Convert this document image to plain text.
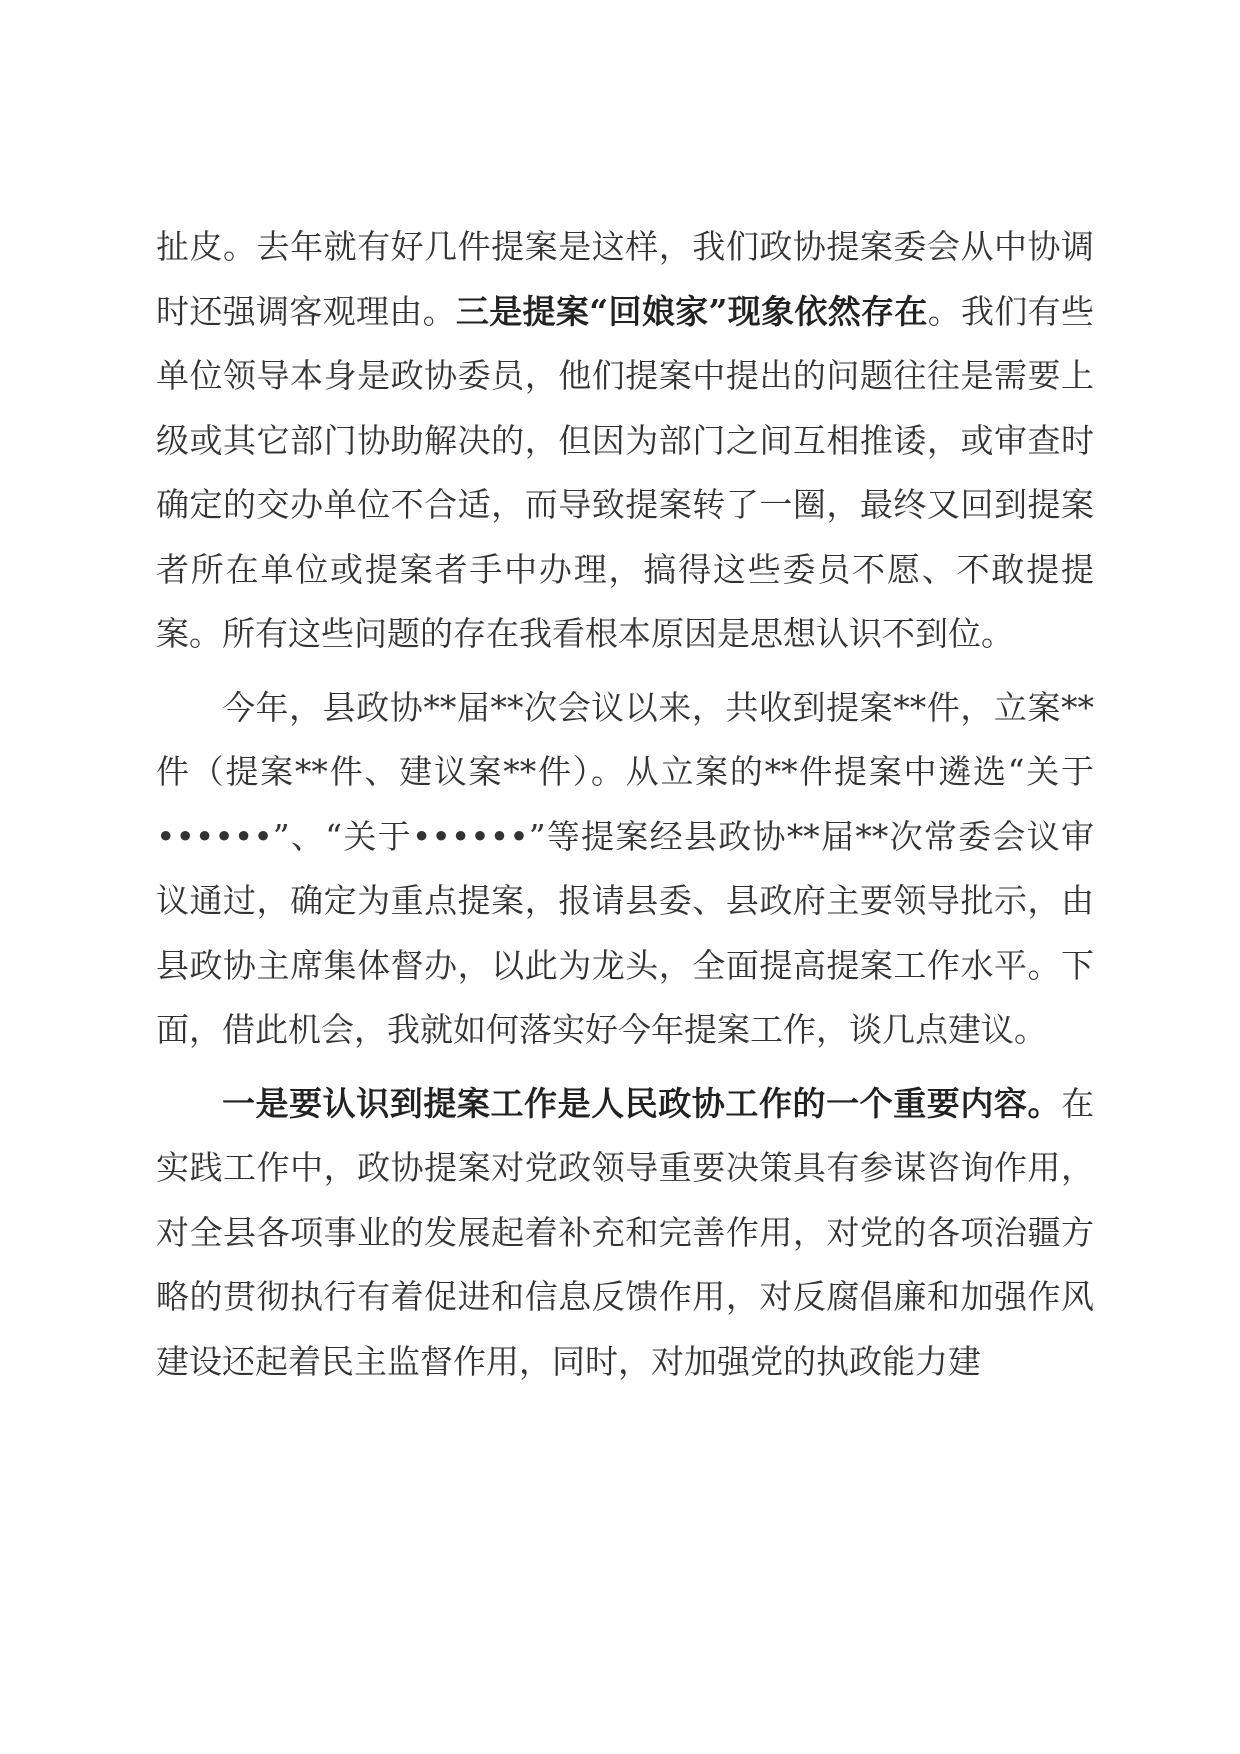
扯皮。去年就有好几件提案是这样，我们政协提案委会从中协调时还强调客观理由。三是提案“回娘家”现象依然存在。我们有些单位领导本身是政协委员，他们提案中提出的问题往往是需要上级或其它部门协助解决的，但因为部门之间互相推诿，或审查时确定的交办单位不合适，而导致提案转了一圈，最终又回到提案者所在单位或提案者手中办理，搞得这些委员不愿、不敢提提案。所有这些问题的存在我看根本原因是思想认识不到位。

今年，县政协**届**次会议以来，共收到提案**件，立案**件（提案**件、建议案**件）。从立案的**件提案中遴选“关于••••••”、“关于••••••”等提案经县政协**届**次常委会议审议通过，确定为重点提案，报请县委、县政府主要领导批示，由县政协主席集体督办，以此为龙头，全面提高提案工作水平。下面，借此机会，我就如何落实好今年提案工作，谈几点建议。

一是要认识到提案工作是人民政协工作的一个重要内容。在实践工作中，政协提案对党政领导重要决策具有参谋咨询作用，对全县各项事业的发展起着补充和完善作用，对党的各项治疆方略的贯彻执行有着促进和信息反馈作用，对反腐倡廉和加强作风建设还起着民主监督作用，同时，对加强党的执政能力建
